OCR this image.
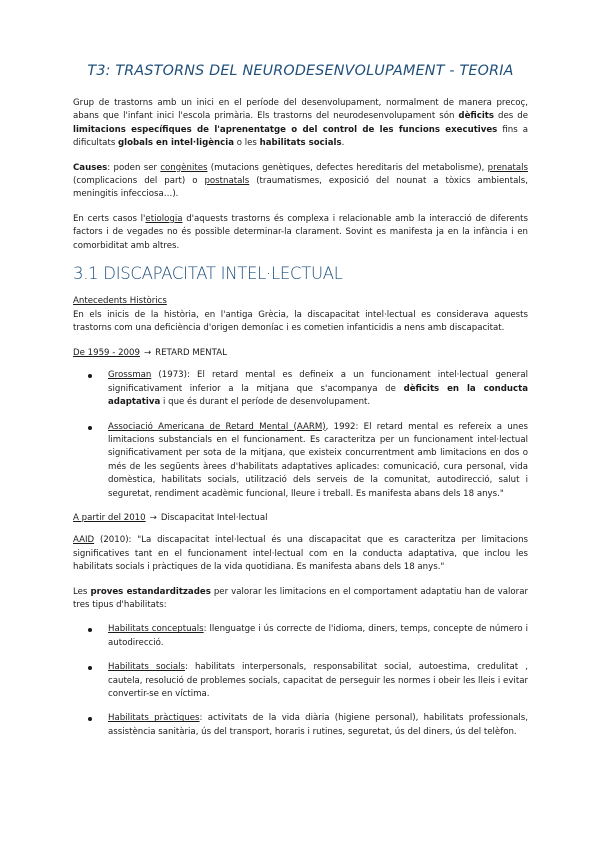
T3: TRASTORNS DEL NEURODESENVOLUPAMENT - TEORIA

Grup de trastorns amb un inici en el període del desenvolupament, normalment de manera precoç, abans que l'infant inici l'escola primària. Els trastorns del neurodesenvolupament són dèficits des de limitacions específiques de l'aprenentatge o del control de les funcions executives fins a dificultats globals en intel·ligència o les habilitats socials.

Causes: poden ser congènites (mutacions genètiques, defectes hereditaris del metabolisme), prenatals (complicacions del part) o postnatals (traumatismes, exposició del nounat a tòxics ambientals, meningitis infecciosa…).

En certs casos l'etiologia d'aquests trastorns és complexa i relacionable amb la interacció de diferents factors i de vegades no és possible determinar-la clarament. Sovint es manifesta ja en la infància i en comorbiditat amb altres.

3.1 DISCAPACITAT INTEL·LECTUAL
Antecedents Històrics

En els inicis de la història, en l'antiga Grècia, la discapacitat intel·lectual es considerava aquests trastorns com una deficiència d'origen demoníac i es cometien infanticidis a nens amb discapacitat.

De 1959 - 2009 → RETARD MENTAL
Grossman (1973): El retard mental es defineix a un funcionament intel·lectual general significativament inferior a la mitjana que s'acompanya de dèficits en la conducta adaptativa i que és durant el període de desenvolupament.
Associació Americana de Retard Mental (AARM), 1992: El retard mental es refereix a unes limitacions substancials en el funcionament. Es caracteritza per un funcionament intel·lectual significativament per sota de la mitjana, que existeix concurrentment amb limitacions en dos o més de les següents àrees d'habilitats adaptatives aplicades: comunicació, cura personal, vida domèstica, habilitats socials, utilització dels serveis de la comunitat, autodirecció, salut i seguretat, rendiment acadèmic funcional, lleure i treball. Es manifesta abans dels 18 anys."
A partir del 2010 → Discapacitat Intel·lectual

AAID (2010): "La discapacitat intel·lectual és una discapacitat que es caracteritza per limitacions significatives tant en el funcionament intel·lectual com en la conducta adaptativa, que inclou les habilitats socials i pràctiques de la vida quotidiana. Es manifesta abans dels 18 anys."

Les proves estandarditzades per valorar les limitacions en el comportament adaptatiu han de valorar tres tipus d'habilitats:

Habilitats conceptuals: llenguatge i ús correcte de l'idioma, diners, temps, concepte de número i autodirecció.
Habilitats socials: habilitats interpersonals, responsabilitat social, autoestima, credulitat , cautela, resolució de problemes socials, capacitat de perseguir les normes i obeir les lleis i evitar convertir-se en víctima.
Habilitats pràctiques: activitats de la vida diària (higiene personal), habilitats professionals, assistència sanitària, ús del transport, horaris i rutines, seguretat, ús del diners, ús del telèfon.
